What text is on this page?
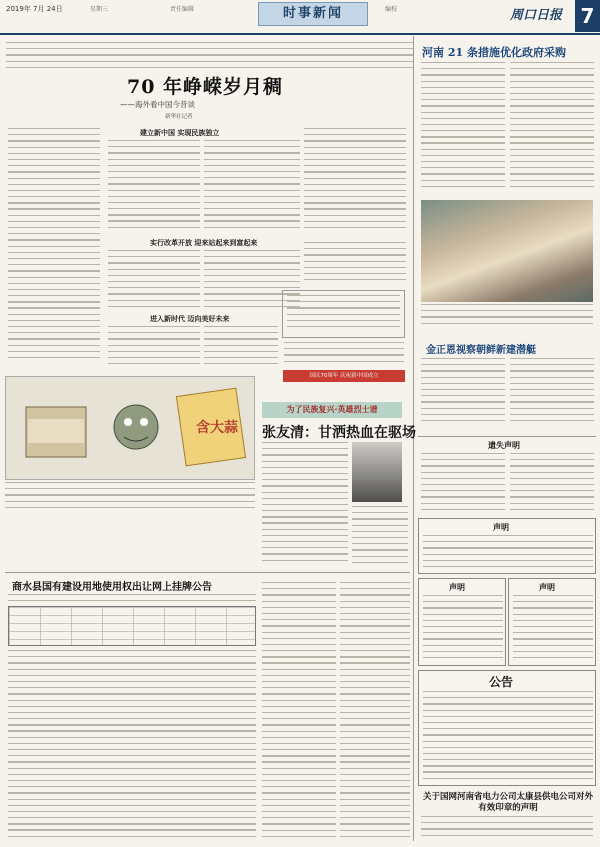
2019年 7月 24日	星期三	责任编辑	时事新闻	编校	周口日报 7
70 年峥嵘岁月稠
——海外看中国今昔谈
新华社记者
建立新中国 实现民族独立
实行改革开放 迎来站起来到富起来
进入新时代 迈向美好未来
国庆70周年 庆祝新中国成立
河南 21 条措施优化政府采购
金正恩视察朝鲜新建潜艇
遗失声明
声明
声明	声明
公告
关于国网河南省电力公司太康县供电公司对外有效印章的声明
含大蒜
为了民族复兴·英雄烈士谱
张友清：甘洒热血在驱场
商水县国有建设用地使用权出让网上挂牌公告
